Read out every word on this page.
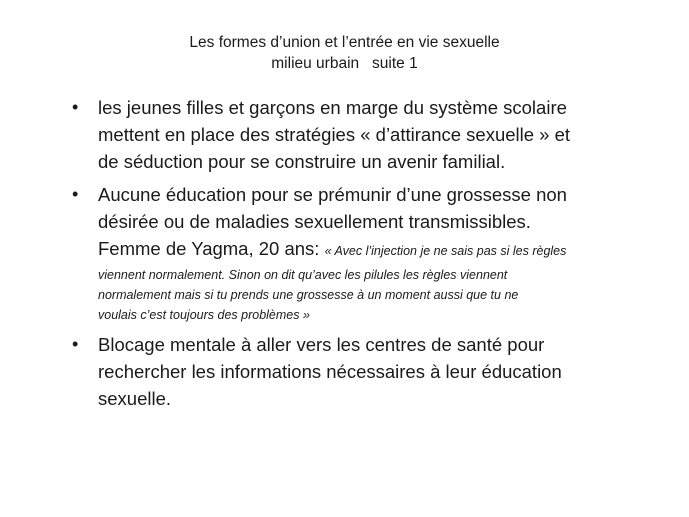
Les formes d’union et l’entrée en vie sexuelle
milieu urbain   suite 1
• les jeunes filles et garçons en marge du système scolaire
mettent en place des stratégies « d’attirance sexuelle » et
de séduction pour se construire un avenir familial.
• Aucune éducation pour se prémunir d’une grossesse non
désirée ou de maladies sexuellement transmissibles.
Femme de Yagma, 20 ans: « Avec l’injection je ne sais pas si les règles
viennent normalement. Sinon on dit qu’avec les pilules les règles viennent
normalement mais si tu prends une grossesse à un moment aussi que tu ne
voulais c’est toujours des problèmes »
• Blocage mentale à aller vers les centres de santé pour
rechercher les informations nécessaires à leur éducation
sexuelle.
